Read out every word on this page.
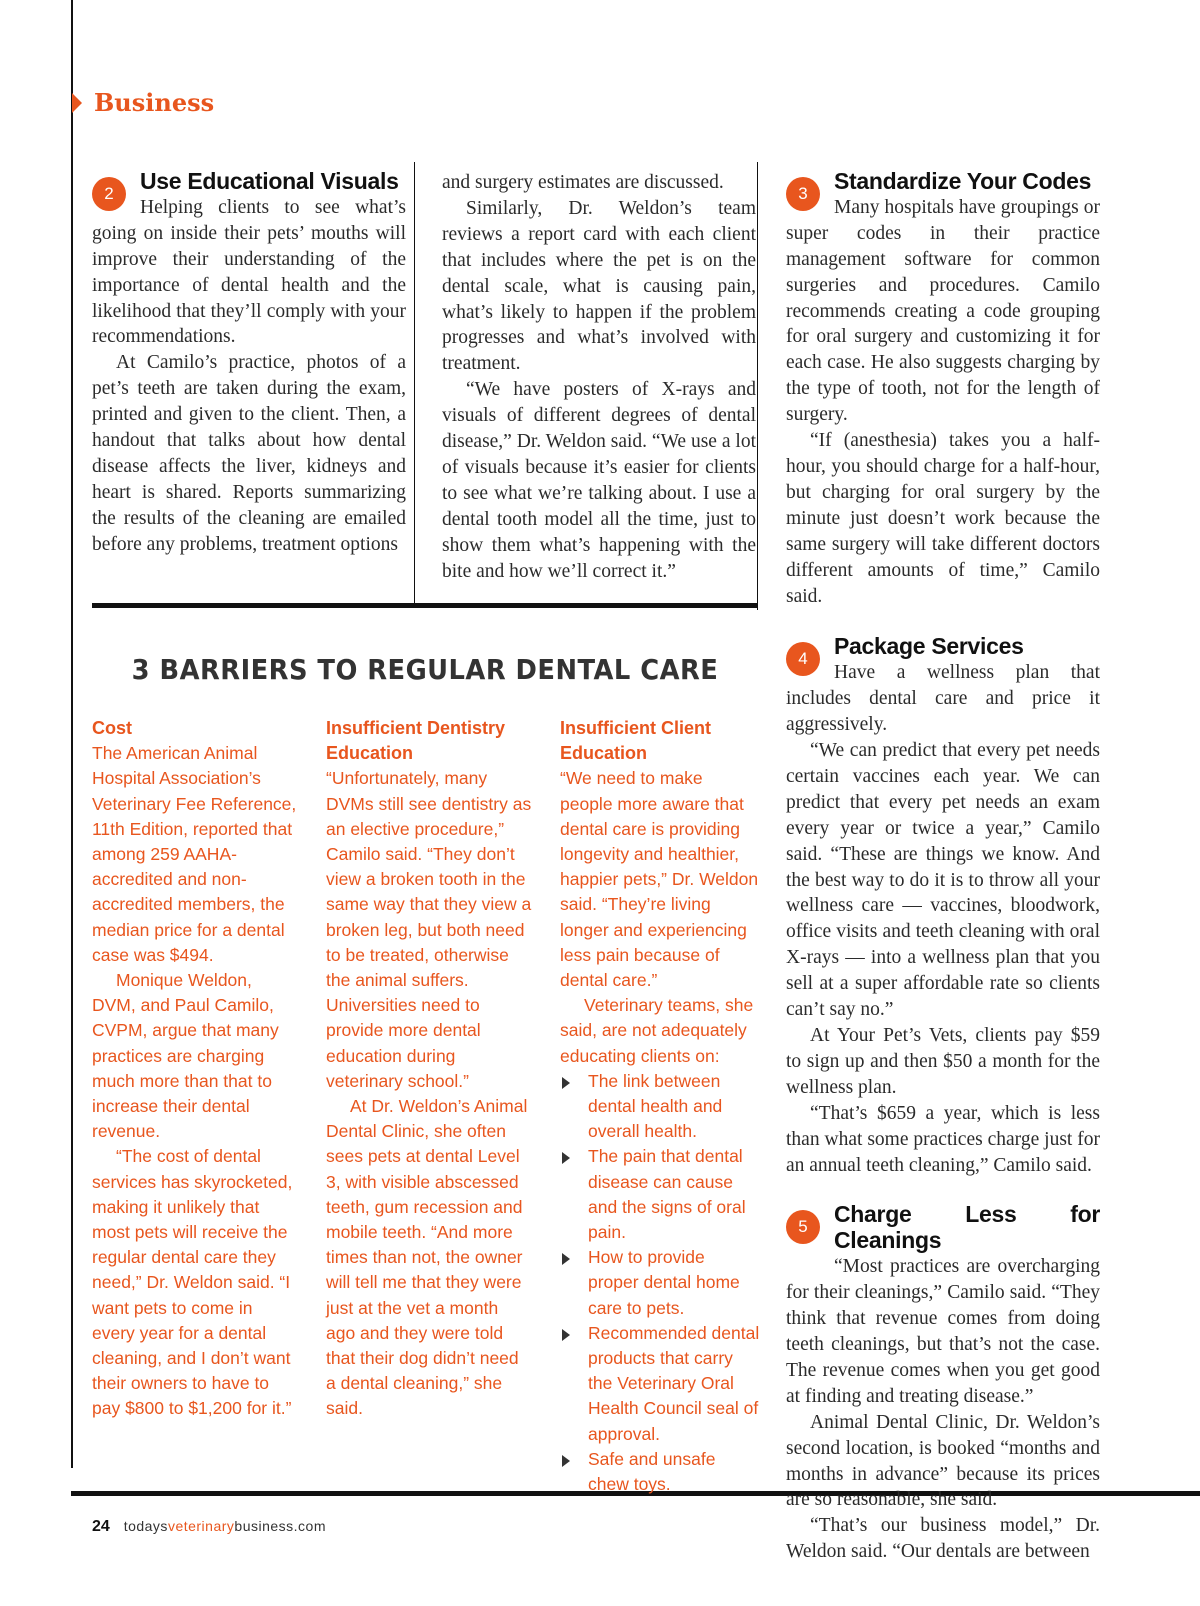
Business
2	Use Educational Visuals

Helping clients to see what’s going on inside their pets’ mouths will improve their understanding of the importance of dental health and the likelihood that they’ll comply with your recommendations.

At Camilo’s practice, photos of a pet’s teeth are taken during the exam, printed and given to the client. Then, a handout that talks about how dental disease affects the liver, kidneys and heart is shared. Reports summarizing the results of the cleaning are emailed before any problems, treatment options

and surgery estimates are discussed.

Similarly, Dr. Weldon’s team reviews a report card with each client that includes where the pet is on the dental scale, what is causing pain, what’s likely to happen if the problem progresses and what’s involved with treatment.

“We have posters of X-rays and visuals of different degrees of dental disease,” Dr. Weldon said. “We use a lot of visuals because it’s easier for clients to see what we’re talking about. I use a dental tooth model all the time, just to show them what’s happening with the bite and how we’ll correct it.”

3	Standardize Your Codes

Many hospitals have groupings or super codes in their practice management software for common surgeries and procedures. Camilo recommends creating a code grouping for oral surgery and customizing it for each case. He also suggests charging by the type of tooth, not for the length of surgery.

“If (anesthesia) takes you a half-hour, you should charge for a half-hour, but charging for oral surgery by the minute just doesn’t work because the same surgery will take different doctors different amounts of time,” Camilo said.

4	Package Services

Have a wellness plan that includes dental care and price it aggressively.

“We can predict that every pet needs certain vaccines each year. We can predict that every pet needs an exam every year or twice a year,” Camilo said. “These are things we know. And the best way to do it is to throw all your wellness care — vaccines, bloodwork, office visits and teeth cleaning with oral X-rays — into a wellness plan that you sell at a super affordable rate so clients can’t say no.”

At Your Pet’s Vets, clients pay $59 to sign up and then $50 a month for the wellness plan.

“That’s $659 a year, which is less than what some practices charge just for an annual teeth cleaning,” Camilo said.

5	Charge Less for Cleanings

“Most practices are overcharging for their cleanings,” Camilo said. “They think that revenue comes from doing teeth cleanings, but that’s not the case. The revenue comes when you get good at finding and treating disease.”

Animal Dental Clinic, Dr. Weldon’s second location, is booked “months and months in advance” because its prices are so reasonable, she said.

“That’s our business model,” Dr. Weldon said. “Our dentals are between

3 BARRIERS TO REGULAR DENTAL CARE
Cost

The American Animal Hospital Association’s Veterinary Fee Reference, 11th Edition, reported that among 259 AAHA-accredited and non-accredited members, the median price for a dental case was $494.

Monique Weldon, DVM, and Paul Camilo, CVPM, argue that many practices are charging much more than that to increase their dental revenue.

“The cost of dental services has skyrocketed, making it unlikely that most pets will receive the regular dental care they need,” Dr. Weldon said. “I want pets to come in every year for a dental cleaning, and I don’t want their owners to have to pay $800 to $1,200 for it.”

Insufficient Dentistry Education

“Unfortunately, many DVMs still see dentistry as an elective procedure,” Camilo said. “They don’t view a broken tooth in the same way that they view a broken leg, but both need to be treated, otherwise the animal suffers. Universities need to provide more dental education during veterinary school.”

At Dr. Weldon’s Animal Dental Clinic, she often sees pets at dental Level 3, with visible abscessed teeth, gum recession and mobile teeth. “And more times than not, the owner will tell me that they were just at the vet a month ago and they were told that their dog didn’t need a dental cleaning,” she said.

Insufficient Client Education

“We need to make people more aware that dental care is providing longevity and healthier, happier pets,” Dr. Weldon said. “They’re living longer and experiencing less pain because of dental care.”

Veterinary teams, she said, are not adequately educating clients on:

The link between dental health and overall health.
The pain that dental disease can cause and the signs of oral pain.
How to provide proper dental home care to pets.
Recommended dental products that carry the Veterinary Oral Health Council seal of approval.
Safe and unsafe chew toys.
24 todaysveterinarybusiness.com
